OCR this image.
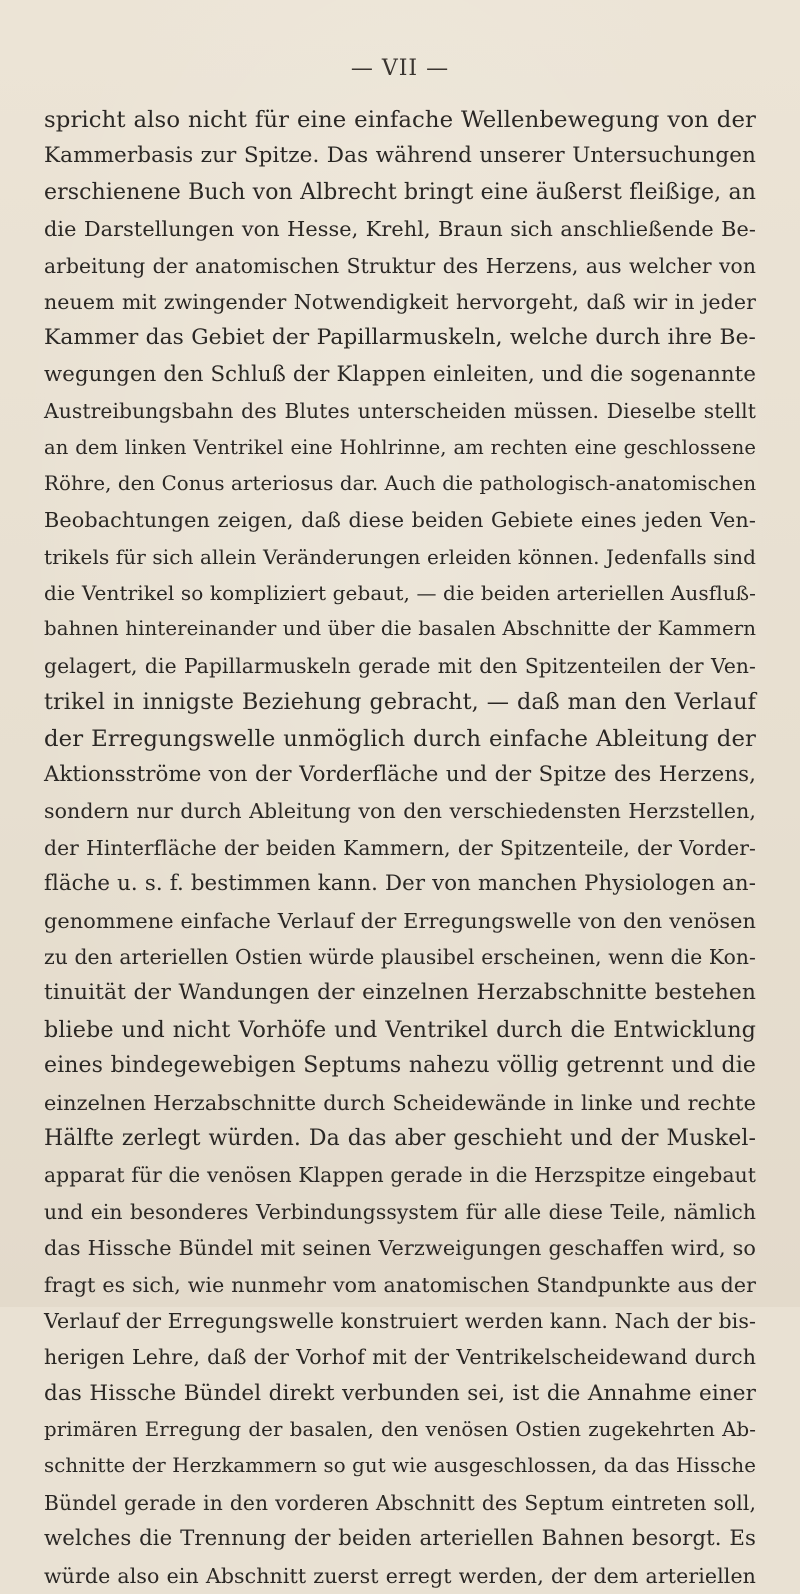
— VII —
spricht also nicht für eine einfache Wellenbewegung von der
Kammerbasis zur Spitze. Das während unserer Untersuchungen
erschienene Buch von Albrecht bringt eine äußerst fleißige, an
die Darstellungen von Hesse, Krehl, Braun sich anschließende Be-
arbeitung der anatomischen Struktur des Herzens, aus welcher von
neuem mit zwingender Notwendigkeit hervorgeht, daß wir in jeder
Kammer das Gebiet der Papillarmuskeln, welche durch ihre Be-
wegungen den Schluß der Klappen einleiten, und die sogenannte
Austreibungsbahn des Blutes unterscheiden müssen. Dieselbe stellt
an dem linken Ventrikel eine Hohlrinne, am rechten eine geschlossene
Röhre, den Conus arteriosus dar. Auch die pathologisch-anatomischen
Beobachtungen zeigen, daß diese beiden Gebiete eines jeden Ven-
trikels für sich allein Veränderungen erleiden können. Jedenfalls sind
die Ventrikel so kompliziert gebaut, — die beiden arteriellen Ausfluß-
bahnen hintereinander und über die basalen Abschnitte der Kammern
gelagert, die Papillarmuskeln gerade mit den Spitzenteilen der Ven-
trikel in innigste Beziehung gebracht, — daß man den Verlauf
der Erregungswelle unmöglich durch einfache Ableitung der
Aktionsströme von der Vorderfläche und der Spitze des Herzens,
sondern nur durch Ableitung von den verschiedensten Herzstellen,
der Hinterfläche der beiden Kammern, der Spitzenteile, der Vorder-
fläche u. s. f. bestimmen kann. Der von manchen Physiologen an-
genommene einfache Verlauf der Erregungswelle von den venösen
zu den arteriellen Ostien würde plausibel erscheinen, wenn die Kon-
tinuität der Wandungen der einzelnen Herzabschnitte bestehen
bliebe und nicht Vorhöfe und Ventrikel durch die Entwicklung
eines bindegewebigen Septums nahezu völlig getrennt und die
einzelnen Herzabschnitte durch Scheidewände in linke und rechte
Hälfte zerlegt würden. Da das aber geschieht und der Muskel-
apparat für die venösen Klappen gerade in die Herzspitze eingebaut
und ein besonderes Verbindungssystem für alle diese Teile, nämlich
das Hissche Bündel mit seinen Verzweigungen geschaffen wird, so
fragt es sich, wie nunmehr vom anatomischen Standpunkte aus der
Verlauf der Erregungswelle konstruiert werden kann. Nach der bis-
herigen Lehre, daß der Vorhof mit der Ventrikelscheidewand durch
das Hissche Bündel direkt verbunden sei, ist die Annahme einer
primären Erregung der basalen, den venösen Ostien zugekehrten Ab-
schnitte der Herzkammern so gut wie ausgeschlossen, da das Hissche
Bündel gerade in den vorderen Abschnitt des Septum eintreten soll,
welches die Trennung der beiden arteriellen Bahnen besorgt. Es
würde also ein Abschnitt zuerst erregt werden, der dem arteriellen
